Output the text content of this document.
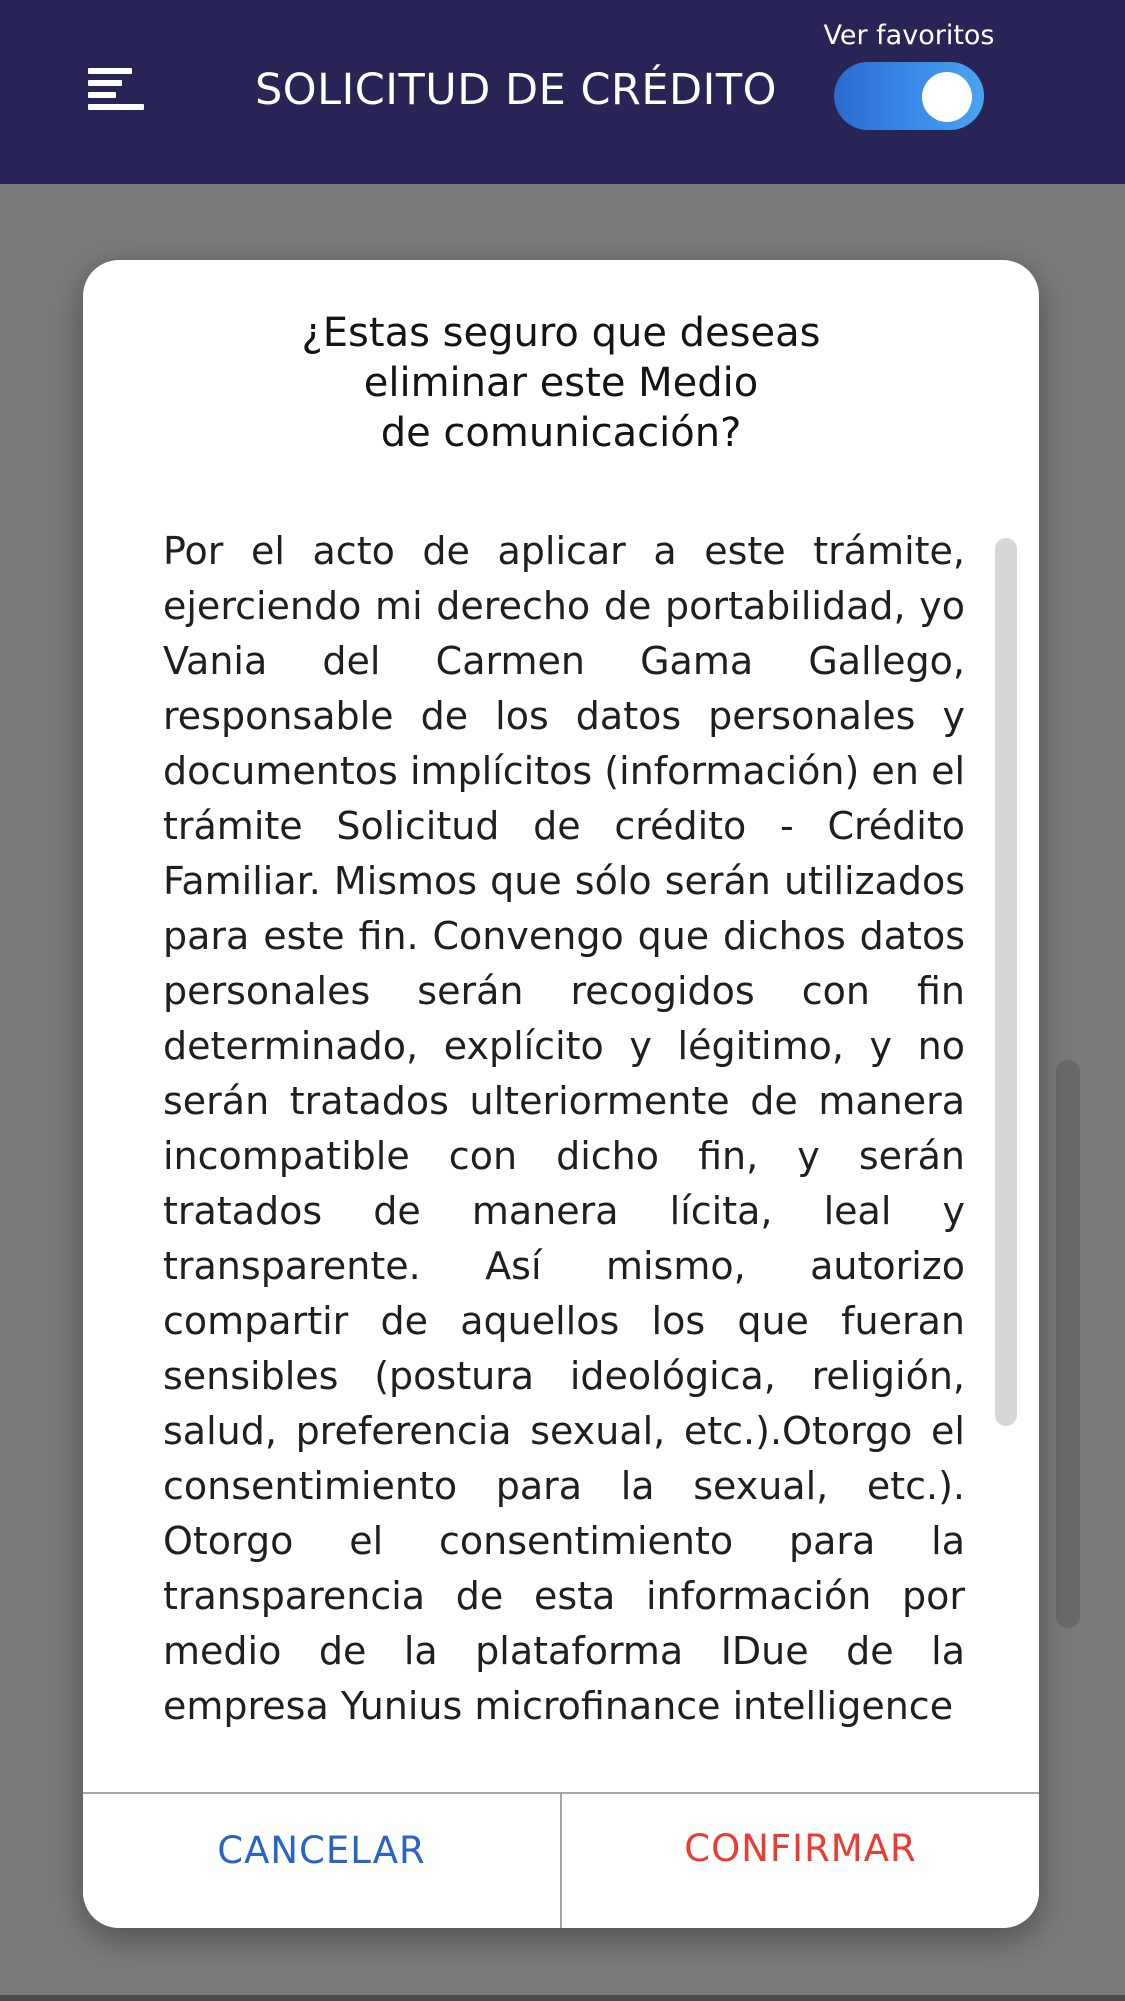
SOLICITUD DE CRÉDITO
Ver favoritos
¿Estas seguro que deseas
eliminar este Medio
de comunicación?
Por el acto de aplicar a este trámite, ejerciendo mi derecho de portabilidad, yo Vania del Carmen Gama Gallego, responsable de los datos personales y documentos implícitos (información) en el trámite Solicitud de crédito - Crédito Familiar. Mismos que sólo serán utilizados para este fin. Convengo que dichos datos personales serán recogidos con fin determinado, explícito y légitimo, y no serán tratados ulteriormente de manera incompatible con dicho fin, y serán tratados de manera lícita, leal y transparente. Así mismo, autorizo compartir de aquellos los que fueran sensibles (postura ideológica, religión, salud, preferencia sexual, etc.).Otorgo el consentimiento para la sexual, etc.). Otorgo el consentimiento para la transparencia de esta información por medio de la plataforma IDue de la empresa Yunius microfinance intelligence
CANCELAR	CONFIRMAR
